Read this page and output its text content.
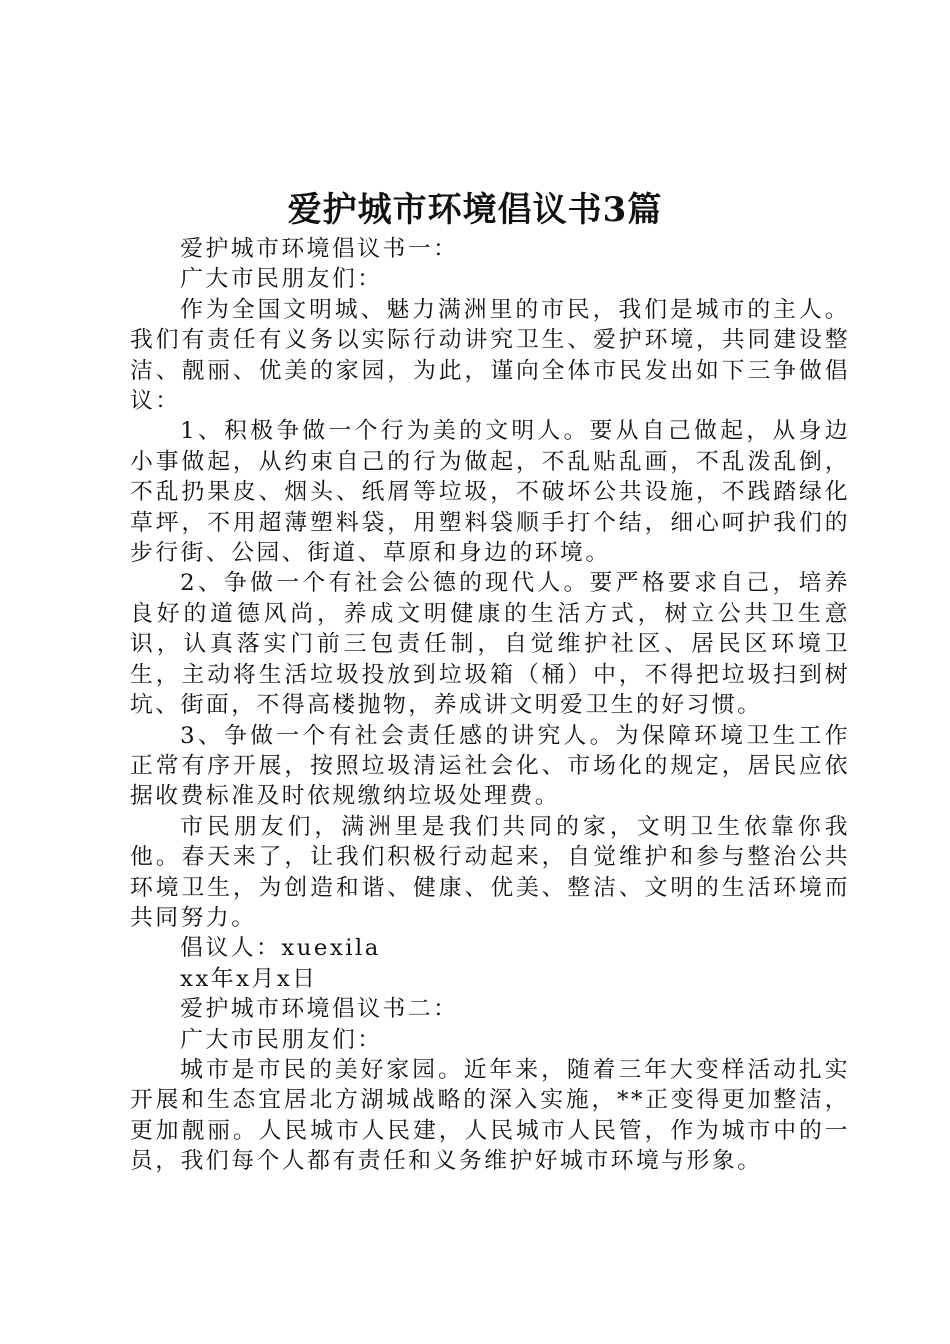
爱护城市环境倡议书3篇

爱护城市环境倡议书一：

广大市民朋友们：

作为全国文明城、魅力满洲里的市民，我们是城市的主人。我们有责任有义务以实际行动讲究卫生、爱护环境，共同建设整洁、靓丽、优美的家园，为此，谨向全体市民发出如下三争做倡议：

1、积极争做一个行为美的文明人。要从自己做起，从身边小事做起，从约束自己的行为做起，不乱贴乱画，不乱泼乱倒，不乱扔果皮、烟头、纸屑等垃圾，不破坏公共设施，不践踏绿化草坪，不用超薄塑料袋，用塑料袋顺手打个结，细心呵护我们的步行街、公园、街道、草原和身边的环境。

2、争做一个有社会公德的现代人。要严格要求自己，培养良好的道德风尚，养成文明健康的生活方式，树立公共卫生意识，认真落实门前三包责任制，自觉维护社区、居民区环境卫生，主动将生活垃圾投放到垃圾箱（桶）中，不得把垃圾扫到树坑、街面，不得高楼抛物，养成讲文明爱卫生的好习惯。

3、争做一个有社会责任感的讲究人。为保障环境卫生工作正常有序开展，按照垃圾清运社会化、市场化的规定，居民应依据收费标准及时依规缴纳垃圾处理费。

市民朋友们，满洲里是我们共同的家，文明卫生依靠你我他。春天来了，让我们积极行动起来，自觉维护和参与整治公共环境卫生，为创造和谐、健康、优美、整洁、文明的生活环境而共同努力。

倡议人：xuexila

xx年x月x日

爱护城市环境倡议书二：

广大市民朋友们：

城市是市民的美好家园。近年来，随着三年大变样活动扎实开展和生态宜居北方湖城战略的深入实施，**正变得更加整洁，更加靓丽。人民城市人民建，人民城市人民管，作为城市中的一员，我们每个人都有责任和义务维护好城市环境与形象。
